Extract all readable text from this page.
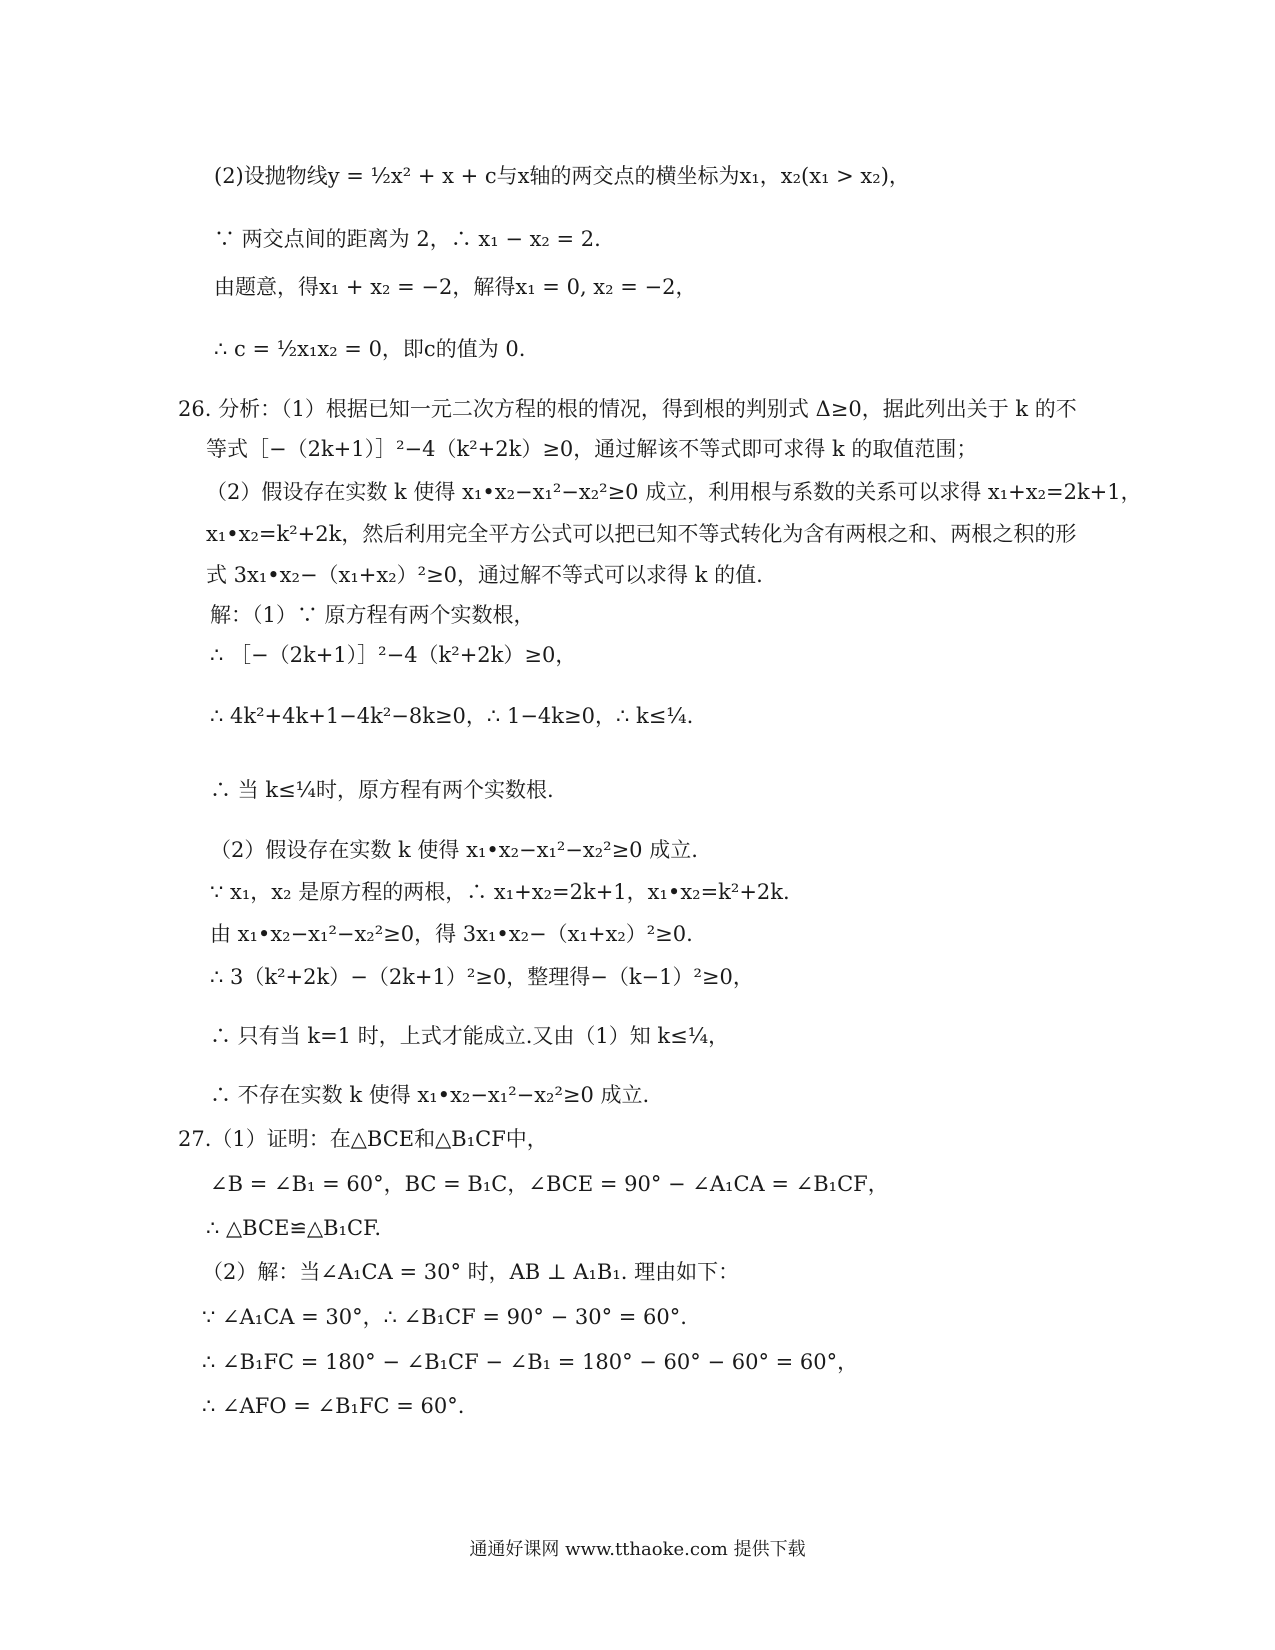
(2)设抛物线y = ½x² + x + c与x轴的两交点的横坐标为x₁，x₂(x₁ > x₂)，
∵ 两交点间的距离为 2，∴ x₁ − x₂ = 2.
由题意，得x₁ + x₂ = −2，解得x₁ = 0, x₂ = −2，
∴ c = ½x₁x₂ = 0，即c的值为 0.
26. 分析：（1）根据已知一元二次方程的根的情况，得到根的判别式 Δ≥0，据此列出关于 k 的不
等式［−（2k+1）］²−4（k²+2k）≥0，通过解该不等式即可求得 k 的取值范围；
（2）假设存在实数 k 使得 x₁•x₂−x₁²−x₂²≥0 成立，利用根与系数的关系可以求得 x₁+x₂=2k+1，
x₁•x₂=k²+2k，然后利用完全平方公式可以把已知不等式转化为含有两根之和、两根之积的形
式 3x₁•x₂−（x₁+x₂）²≥0，通过解不等式可以求得 k 的值.
解：（1）∵ 原方程有两个实数根，
∴ ［−（2k+1）］²−4（k²+2k）≥0，
∴ 4k²+4k+1−4k²−8k≥0，∴ 1−4k≥0，∴ k≤¼.
∴ 当 k≤¼时，原方程有两个实数根.
（2）假设存在实数 k 使得 x₁•x₂−x₁²−x₂²≥0 成立.
∵ x₁，x₂ 是原方程的两根，∴ x₁+x₂=2k+1，x₁•x₂=k²+2k.
由 x₁•x₂−x₁²−x₂²≥0，得 3x₁•x₂−（x₁+x₂）²≥0.
∴ 3（k²+2k）−（2k+1）²≥0，整理得−（k−1）²≥0，
∴ 只有当 k=1 时，上式才能成立.又由（1）知 k≤¼，
∴ 不存在实数 k 使得 x₁•x₂−x₁²−x₂²≥0 成立.
27.（1）证明：在△BCE和△B₁CF中，
∠B = ∠B₁ = 60°，BC = B₁C，∠BCE = 90° − ∠A₁CA = ∠B₁CF，
∴ △BCE≌△B₁CF.
（2）解：当∠A₁CA = 30° 时，AB ⊥ A₁B₁. 理由如下：
∵ ∠A₁CA = 30°，∴ ∠B₁CF = 90° − 30° = 60°.
∴ ∠B₁FC = 180° − ∠B₁CF − ∠B₁ = 180° − 60° − 60° = 60°，
∴ ∠AFO = ∠B₁FC = 60°.
通通好课网 www.tthaoke.com 提供下载
